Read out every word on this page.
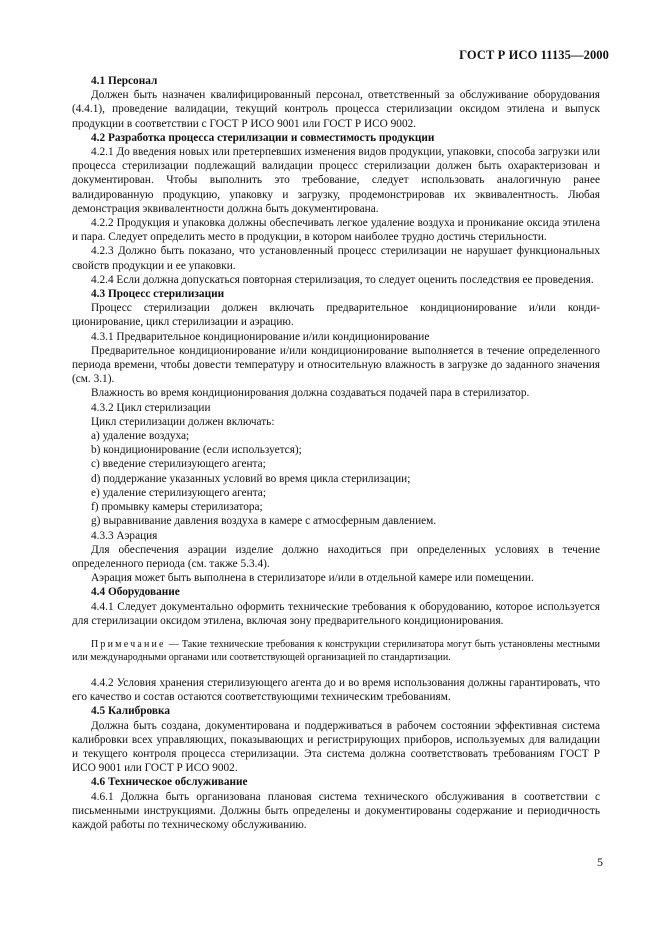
ГОСТ Р ИСО 11135—2000

4.1 Персонал

Должен быть назначен квалифицированный персонал, ответственный за обслуживание оборудования (4.4.1), проведение валидации, текущий контроль процесса стерилизации оксидом этилена и выпуск продукции в соответствии с ГОСТ Р ИСО 9001 или ГОСТ Р ИСО 9002.

4.2 Разработка процесса стерилизации и совместимость продукции

4.2.1 До введения новых или претерпевших изменения видов продукции, упаковки, способа загрузки или процесса стерилизации подлежащий валидации процесс стерилизации должен быть охарактеризован и документирован. Чтобы выполнить это требование, следует использовать аналогичную ранее валидированную продукцию, упаковку и загрузку, продемонстрировав их эквивалентность. Любая демонстрация эквивалентности должна быть документирована.

4.2.2 Продукция и упаковка должны обеспечивать легкое удаление воздуха и проникание оксида этилена и пара. Следует определить место в продукции, в котором наиболее трудно достичь стерильности.

4.2.3 Должно быть показано, что установленный процесс стерилизации не нарушает функциональных свойств продукции и ее упаковки.

4.2.4 Если должна допускаться повторная стерилизация, то следует оценить последствия ее проведения.

4.3 Процесс стерилизации

Процесс стерилизации должен включать предварительное кондиционирование и/или кондиционирование, цикл стерилизации и аэрацию.

4.3.1 Предварительное кондиционирование и/или кондиционирование

Предварительное кондиционирование и/или кондиционирование выполняется в течение определенного периода времени, чтобы довести температуру и относительную влажность в загрузке до заданного значения (см. 3.1).

Влажность во время кондиционирования должна создаваться подачей пара в стерилизатор.

4.3.2 Цикл стерилизации

Цикл стерилизации должен включать:

a) удаление воздуха;

b) кондиционирование (если используется);

c) введение стерилизующего агента;

d) поддержание указанных условий во время цикла стерилизации;

e) удаление стерилизующего агента;

f) промывку камеры стерилизатора;

g) выравнивание давления воздуха в камере с атмосферным давлением.

4.3.3 Аэрация

Для обеспечения аэрации изделие должно находиться при определенных условиях в течение определенного периода (см. также 5.3.4).

Аэрация может быть выполнена в стерилизаторе и/или в отдельной камере или помещении.

4.4 Оборудование

4.4.1 Следует документально оформить технические требования к оборудованию, которое используется для стерилизации оксидом этилена, включая зону предварительного кондиционирования.

Примечание — Такие технические требования к конструкции стерилизатора могут быть установлены местными или международными органами или соответствующей организацией по стандартизации.

4.4.2 Условия хранения стерилизующего агента до и во время использования должны гарантировать, что его качество и состав остаются соответствующими техническим требованиям.

4.5 Калибровка

Должна быть создана, документирована и поддерживаться в рабочем состоянии эффективная система калибровки всех управляющих, показывающих и регистрирующих приборов, используемых для валидации и текущего контроля процесса стерилизации. Эта система должна соответствовать требованиям ГОСТ Р ИСО 9001 или ГОСТ Р ИСО 9002.

4.6 Техническое обслуживание

4.6.1 Должна быть организована плановая система технического обслуживания в соответствии с письменными инструкциями. Должны быть определены и документированы содержание и периодичность каждой работы по техническому обслуживанию.

5
